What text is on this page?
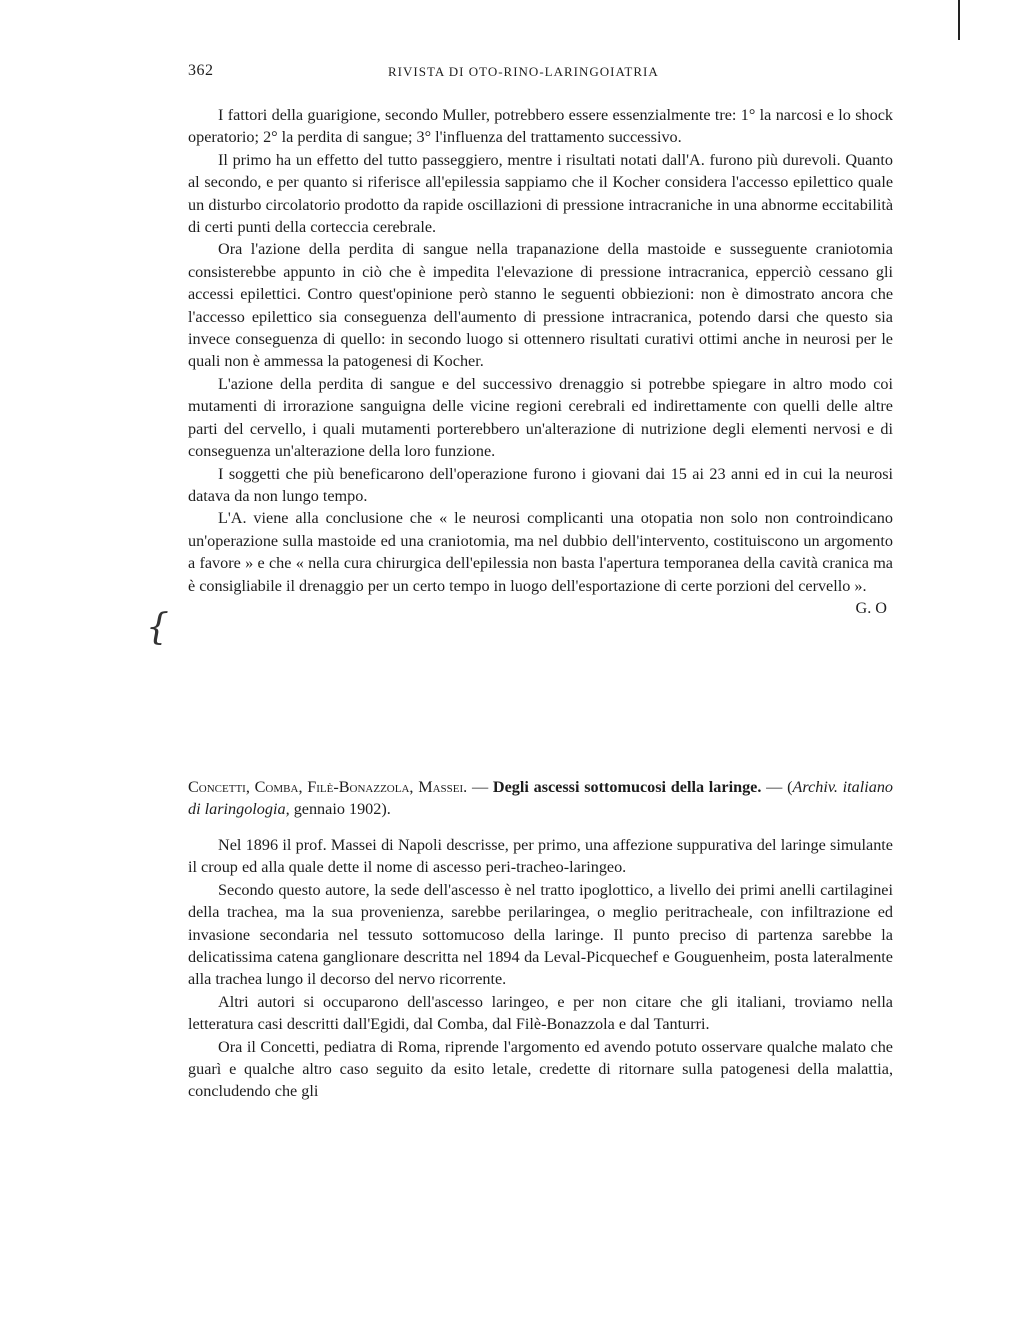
362	RIVISTA DI OTO-RINO-LARINGOIATRIA
{

I fattori della guarigione, secondo Muller, potrebbero essere essenzialmente tre: 1° la narcosi e lo shock operatorio; 2° la perdita di sangue; 3° l'influenza del trattamento successivo.

Il primo ha un effetto del tutto passeggiero, mentre i risultati notati dall'A. furono più durevoli. Quanto al secondo, e per quanto si riferisce all'epilessia sappiamo che il Kocher considera l'accesso epilettico quale un disturbo circolatorio prodotto da rapide oscillazioni di pressione intracraniche in una abnorme eccitabilità di certi punti della corteccia cerebrale.

Ora l'azione della perdita di sangue nella trapanazione della mastoide e susseguente craniotomia consisterebbe appunto in ciò che è impedita l'elevazione di pressione intracranica, epperciò cessano gli accessi epilettici. Contro quest'opinione però stanno le seguenti obbiezioni: non è dimostrato ancora che l'accesso epilettico sia conseguenza dell'aumento di pressione intracranica, potendo darsi che questo sia invece conseguenza di quello: in secondo luogo si ottennero risultati curativi ottimi anche in neurosi per le quali non è ammessa la patogenesi di Kocher.

L'azione della perdita di sangue e del successivo drenaggio si potrebbe spiegare in altro modo coi mutamenti di irrorazione sanguigna delle vicine regioni cerebrali ed indirettamente con quelli delle altre parti del cervello, i quali mutamenti porterebbero un'alterazione di nutrizione degli elementi nervosi e di conseguenza un'alterazione della loro funzione.

I soggetti che più beneficarono dell'operazione furono i giovani dai 15 ai 23 anni ed in cui la neurosi datava da non lungo tempo.

L'A. viene alla conclusione che « le neurosi complicanti una otopatia non solo non controindicano un'operazione sulla mastoide ed una craniotomia, ma nel dubbio dell'intervento, costituiscono un argomento a favore » e che « nella cura chirurgica dell'epilessia non basta l'apertura temporanea della cavità cranica ma è consigliabile il drenaggio per un certo tempo in luogo dell'esportazione di certe porzioni del cervello ».
G. O

Concetti, Comba, Filè-Bonazzola, Massei. — Degli ascessi sottomucosi della laringe. — (Archiv. italiano di laringologia, gennaio 1902).

Nel 1896 il prof. Massei di Napoli descrisse, per primo, una affezione suppurativa del laringe simulante il croup ed alla quale dette il nome di ascesso peri-tracheo-laringeo.

Secondo questo autore, la sede dell'ascesso è nel tratto ipoglottico, a livello dei primi anelli cartilaginei della trachea, ma la sua provenienza, sarebbe perilaringea, o meglio peritracheale, con infiltrazione ed invasione secondaria nel tessuto sottomucoso della laringe. Il punto preciso di partenza sarebbe la delicatissima catena ganglionare descritta nel 1894 da Leval-Picquechef e Gouguenheim, posta lateralmente alla trachea lungo il decorso del nervo ricorrente.

Altri autori si occuparono dell'ascesso laringeo, e per non citare che gli italiani, troviamo nella letteratura casi descritti dall'Egidi, dal Comba, dal Filè-Bonazzola e dal Tanturri.

Ora il Concetti, pediatra di Roma, riprende l'argomento ed avendo potuto osservare qualche malato che guarì e qualche altro caso seguito da esito letale, credette di ritornare sulla patogenesi della malattia, concludendo che gli
